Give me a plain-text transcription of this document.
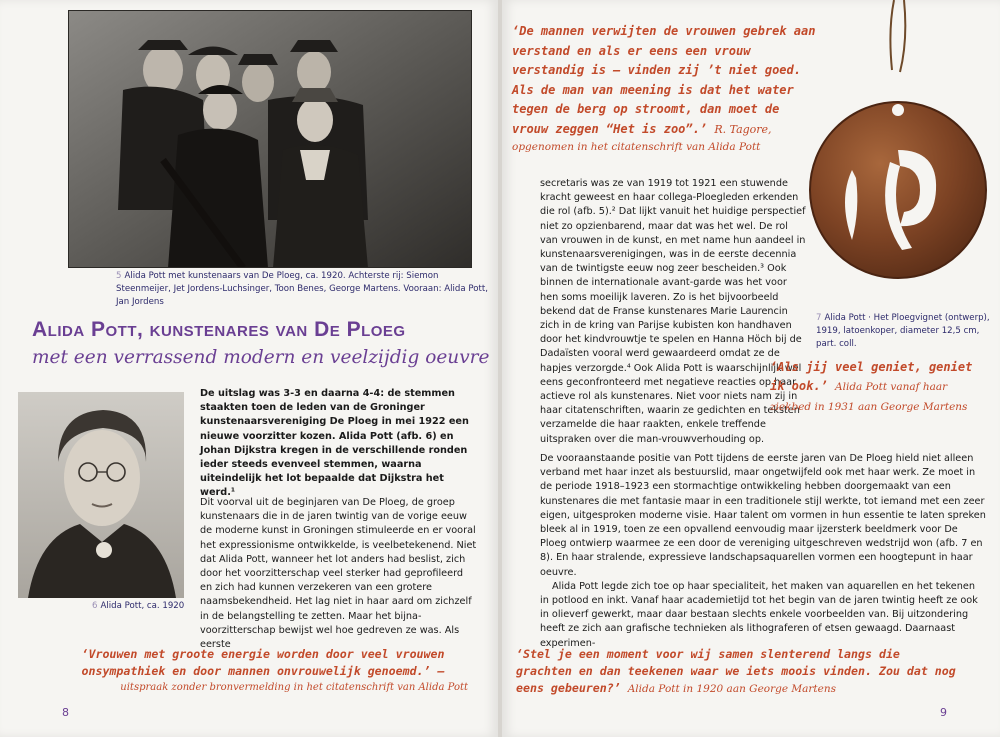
5 Alida Pott met kunstenaars van De Ploeg, ca. 1920. Achterste rij: Siemon Steenmeijer, Jet Jordens-Luchsinger, Toon Benes, George Martens. Vooraan: Alida Pott, Jan Jordens
Alida Pott, kunstenares van De Ploeg
met een verrassend modern en veelzijdig oeuvre
6 Alida Pott, ca. 1920
De uitslag was 3-3 en daarna 4-4: de stemmen staakten toen de leden van de Groninger kunstenaarsvereniging De Ploeg in mei 1922 een nieuwe voorzitter kozen. Alida Pott (afb. 6) en Johan Dijkstra kregen in de verschillende ronden ieder steeds evenveel stemmen, waarna uiteindelijk het lot bepaalde dat Dijkstra het werd.¹

Dit voorval uit de beginjaren van De Ploeg, de groep kunstenaars die in de jaren twintig van de vorige eeuw de moderne kunst in Groningen stimuleerde en er vooral het expressionisme ontwikkelde, is veelbetekenend. Niet dat Alida Pott, wanneer het lot anders had beslist, zich door het voorzitterschap veel sterker had geprofileerd en zich had kunnen verzekeren van een grotere naamsbekendheid. Het lag niet in haar aard om zichzelf in de belangstelling te zetten. Maar het bijna-voorzitterschap bewijst wel hoe gedreven ze was. Als eerste

‘Vrouwen met groote energie worden door veel vrouwen onsympathiek en door mannen onvrouwelijk genoemd.’ –
uitspraak zonder bronvermelding in het citatenschrift van Alida Pott
8
‘De mannen verwijten de vrouwen gebrek aan verstand en als er eens een vrouw verstandig is – vinden zij ’t niet goed. Als de man van meening is dat het water tegen de berg op stroomt, dan moet de vrouw zeggen “Het is zoo”.’ R. Tagore,
opgenomen in het citatenschrift van Alida Pott

secretaris was ze van 1919 tot 1921 een stuwende kracht geweest en haar collega-Ploegleden erkenden die rol (afb. 5).² Dat lijkt vanuit het huidige perspectief niet zo opzienbarend, maar dat was het wel. De rol van vrouwen in de kunst, en met name hun aandeel in kunstenaarsverenigingen, was in de eerste decennia van de twintigste eeuw nog zeer bescheiden.³ Ook binnen de internationale avant-garde was het voor hen soms moeilijk laveren. Zo is het bijvoorbeeld bekend dat de Franse kunstenares Marie Laurencin zich in de kring van Parijse kubisten kon handhaven door het kindvrouwtje te spelen en Hanna Höch bij de Dadaïsten vooral werd gewaardeerd omdat ze de hapjes verzorgde.⁴ Ook Alida Pott is waarschijnlijk wel eens geconfronteerd met negatieve reacties op haar actieve rol als kunstenares. Niet voor niets nam zij in haar citatenschriften, waarin ze gedichten en teksten verzamelde die haar raakten, enkele treffende uitspraken over die man-vrouwverhouding op.

7 Alida Pott · Het Ploegvignet (ontwerp), 1919, latoenkoper, diameter 12,5 cm, part. coll.
‘Als jij veel geniet, geniet ik ook.’ Alida Pott vanaf haar ziekbed in 1931 aan George Martens

De vooraanstaande positie van Pott tijdens de eerste jaren van De Ploeg hield niet alleen verband met haar inzet als bestuurslid, maar ongetwijfeld ook met haar werk. Ze moet in de periode 1918–1923 een stormachtige ontwikkeling hebben doorgemaakt van een kunstenares die met fantasie maar in een traditionele stijl werkte, tot iemand met een zeer eigen, uitgesproken moderne visie. Haar talent om vormen in hun essentie te laten spreken bleek al in 1919, toen ze een opvallend eenvoudig maar ijzersterk beeldmerk voor De Ploeg ontwierp waarmee ze een door de vereniging uitgeschreven wedstrijd won (afb. 7 en 8). En haar stralende, expressieve landschapsaquarellen vormen een hoogtepunt in haar oeuvre.

Alida Pott legde zich toe op haar specialiteit, het maken van aquarellen en het tekenen in potlood en inkt. Vanaf haar academietijd tot het begin van de jaren twintig heeft ze ook in olieverf gewerkt, maar daar bestaan slechts enkele voorbeelden van. Bij uitzondering heeft ze zich aan grafische technieken als lithograferen of etsen gewaagd. Daarnaast experimen-

‘Stel je een moment voor wij samen slenterend langs die grachten en dan teekenen waar we iets moois vinden. Zou dat nog eens gebeuren?’ Alida Pott in 1920 aan George Martens
9
